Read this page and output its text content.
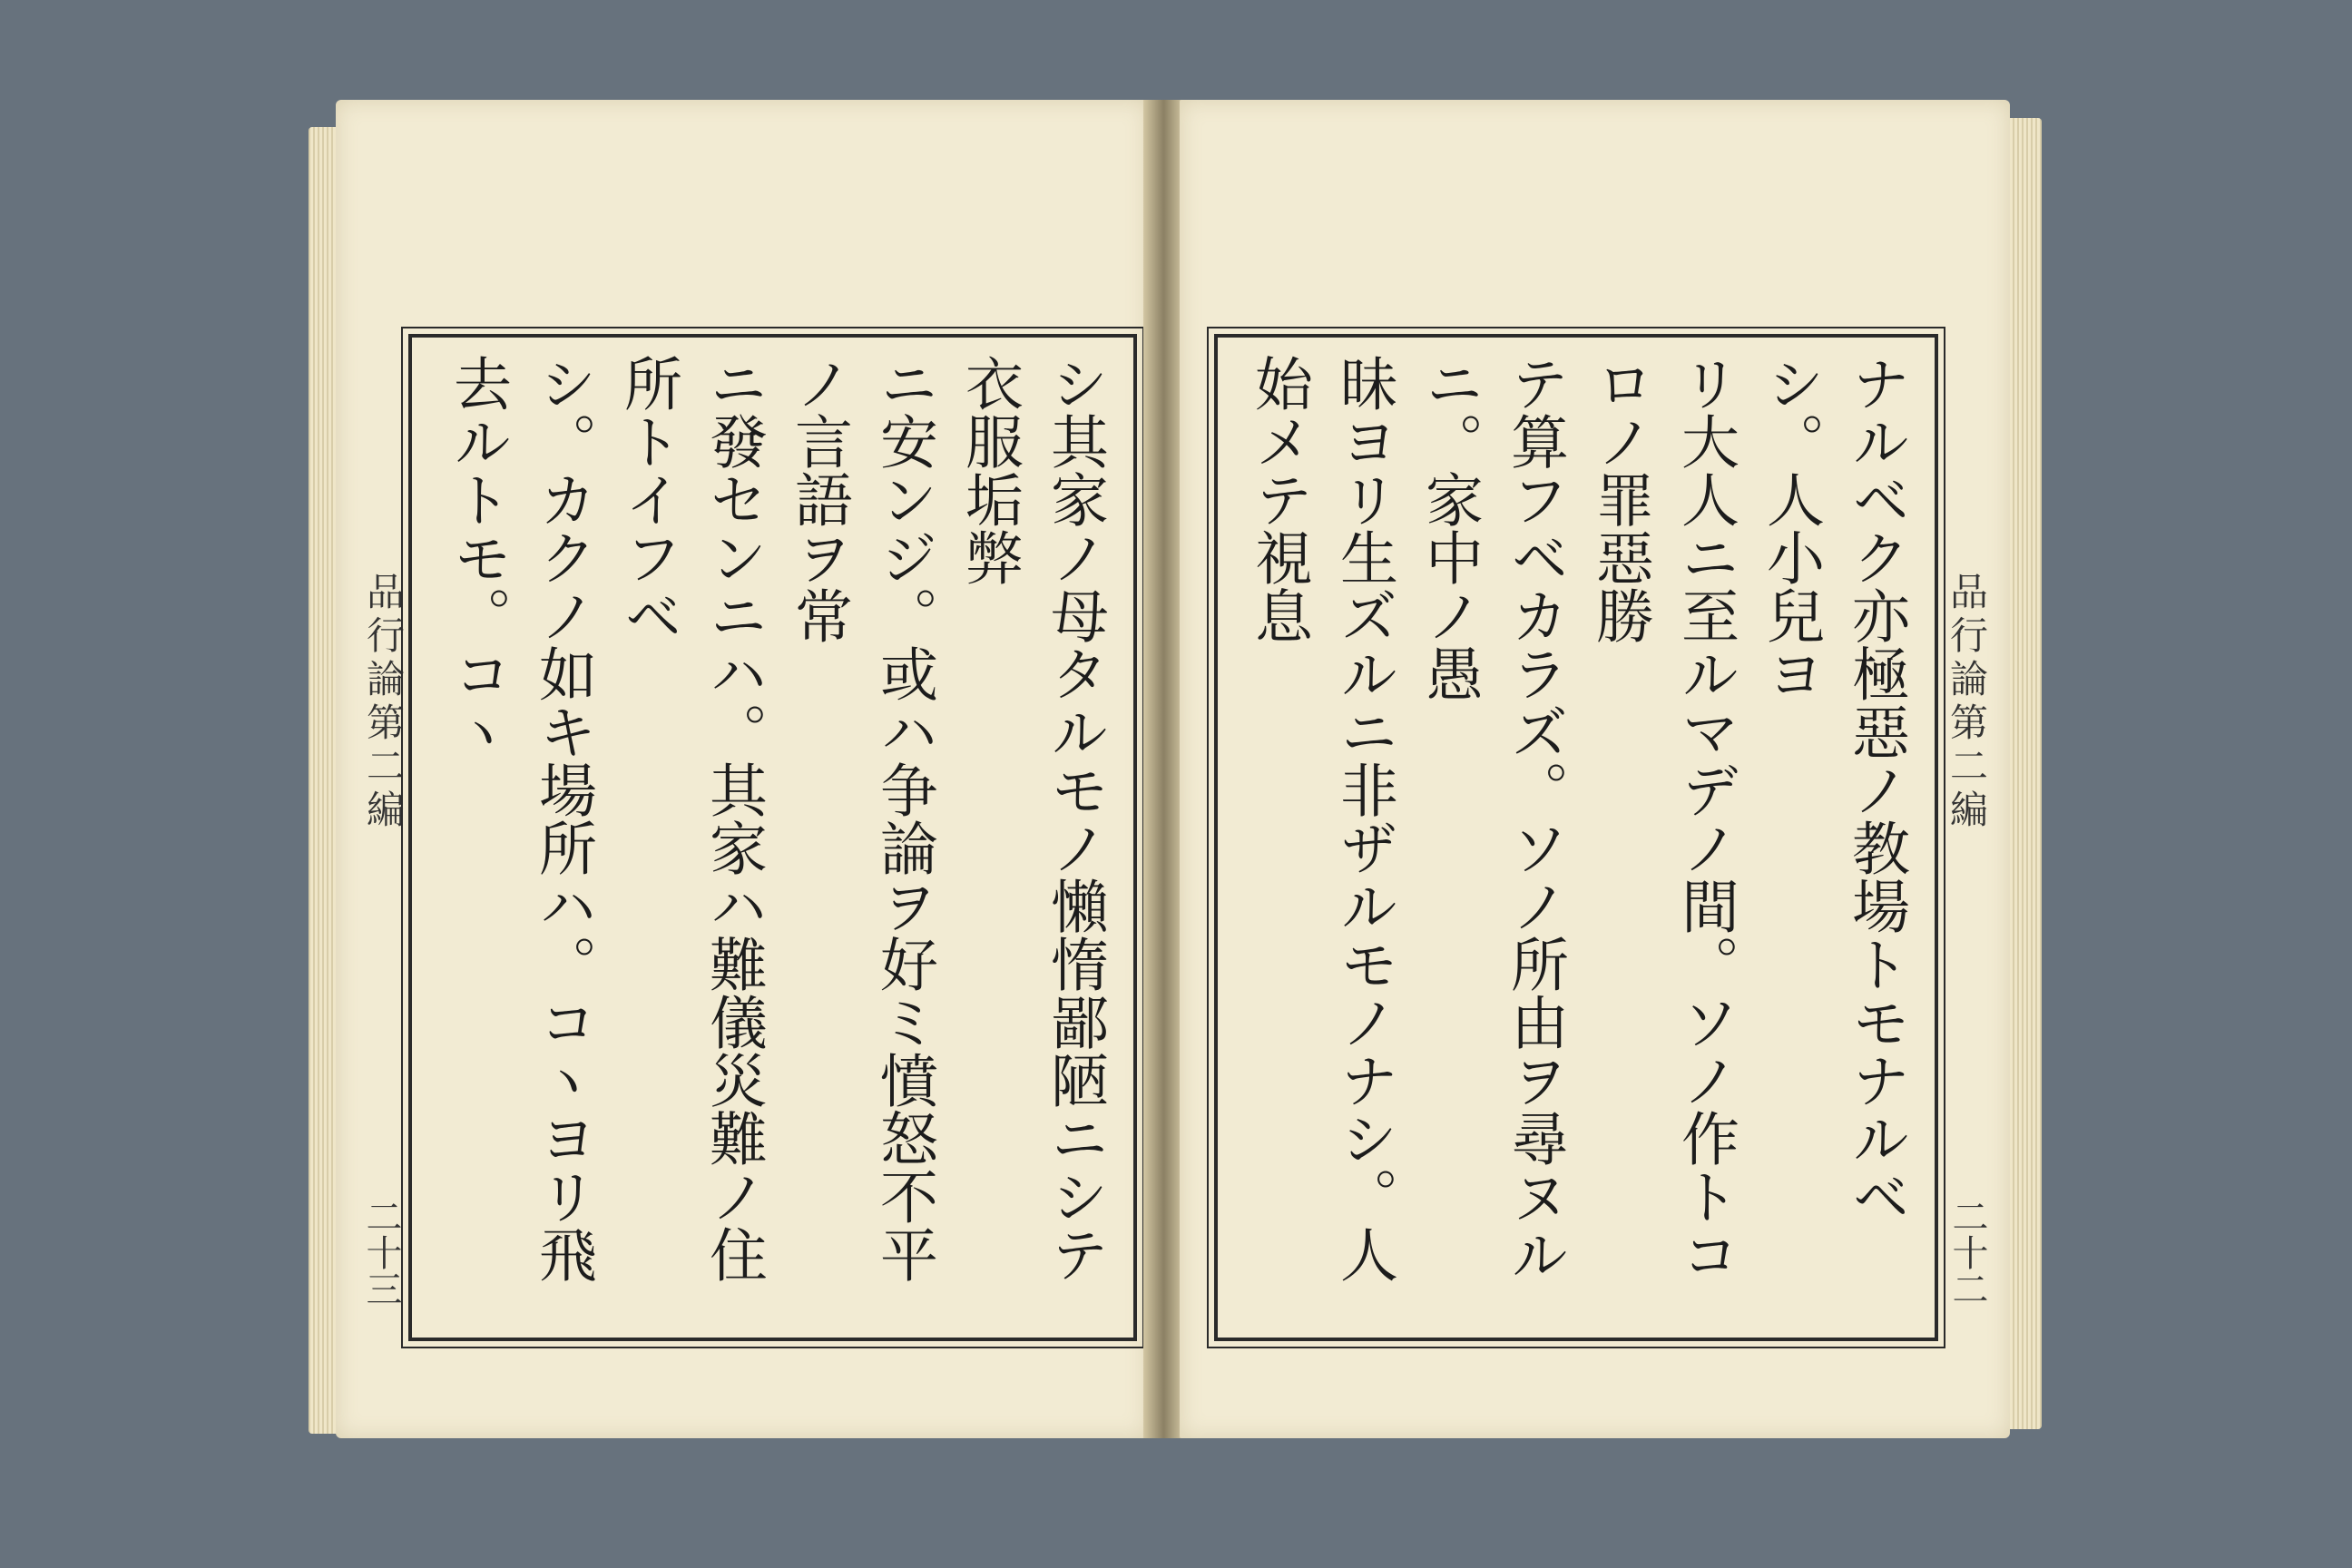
品行論第二編
二十三	シ其家ノ母タルモノ懶惰鄙陋ニシテ衣服垢弊

ニ安ンジ。或ハ争論ヲ好ミ憤怒不平ノ言語ヲ常

ニ發センニハ。其家ハ難儀災難ノ住所トイフベ

シ。カクノ如キ場所ハ。コヽヨリ飛去ルトモ。コヽ	品行論第二編
二十二

ナルベク亦極惡ノ教場トモナルベシ。人小兒ヨ

リ大人ニ至ルマデノ間。ソノ作トコロノ罪惡勝

テ算フベカラズ。ソノ所由ヲ尋ヌルニ。家中ノ愚

昧ヨリ生ズルニ非ザルモノナシ。人始メテ視息
